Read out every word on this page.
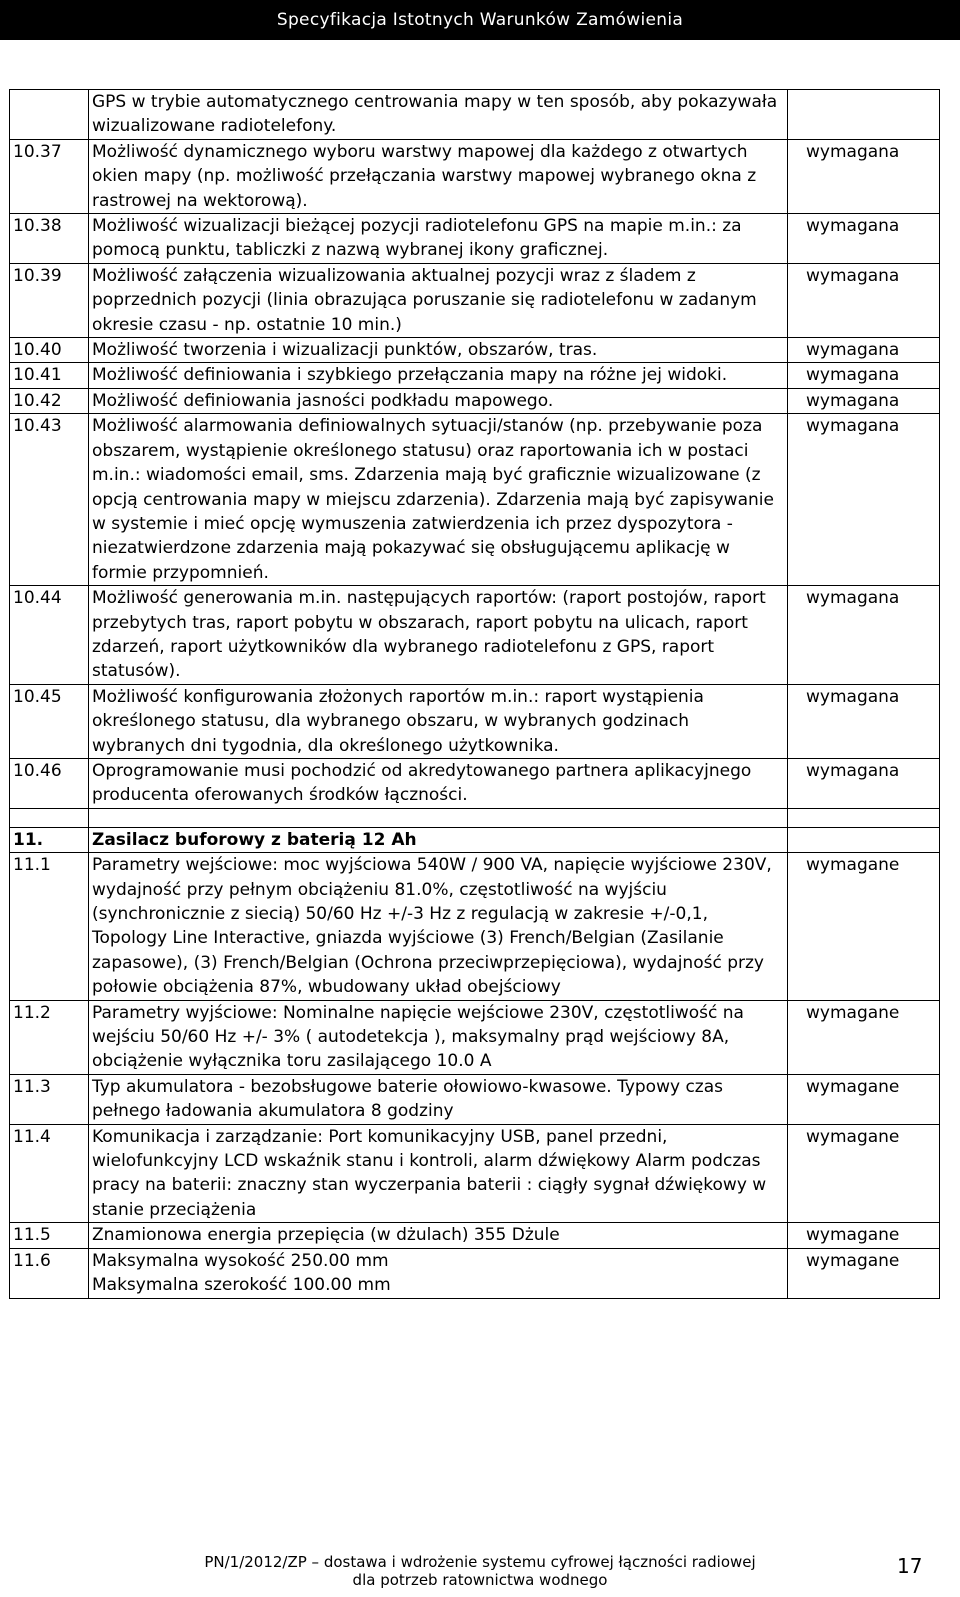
Specyfikacja Istotnych Warunków Zamówienia
	GPS w trybie automatycznego centrowania mapy w ten sposób, aby pokazywała wizualizowane radiotelefony.	
10.37	Możliwość dynamicznego wyboru warstwy mapowej dla każdego z otwartych okien mapy (np. możliwość przełączania warstwy mapowej wybranego okna z rastrowej na wektorową).	wymagana
10.38	Możliwość wizualizacji bieżącej pozycji radiotelefonu GPS na mapie m.in.: za pomocą punktu, tabliczki z nazwą wybranej ikony graficznej.	wymagana
10.39	Możliwość załączenia wizualizowania aktualnej pozycji wraz z śladem z poprzednich pozycji (linia obrazująca poruszanie się radiotelefonu w zadanym okresie czasu - np. ostatnie 10 min.)	wymagana
10.40	Możliwość tworzenia i wizualizacji punktów, obszarów, tras.	wymagana
10.41	Możliwość definiowania i szybkiego przełączania mapy na różne jej widoki.	wymagana
10.42	Możliwość definiowania jasności podkładu mapowego.	wymagana
10.43	Możliwość alarmowania definiowalnych sytuacji/stanów (np. przebywanie poza obszarem, wystąpienie określonego statusu) oraz raportowania ich w postaci m.in.: wiadomości email, sms. Zdarzenia mają być graficznie wizualizowane (z opcją centrowania mapy w miejscu zdarzenia). Zdarzenia mają być zapisywanie w systemie i mieć opcję wymuszenia zatwierdzenia ich przez dyspozytora - niezatwierdzone zdarzenia mają pokazywać się obsługującemu aplikację w formie przypomnień.	wymagana
10.44	Możliwość generowania m.in. następujących raportów: (raport postojów, raport przebytych tras, raport pobytu w obszarach, raport pobytu na ulicach, raport zdarzeń, raport użytkowników dla wybranego radiotelefonu z GPS, raport statusów).	wymagana
10.45	Możliwość konfigurowania złożonych raportów m.in.: raport wystąpienia określonego statusu, dla wybranego obszaru, w wybranych godzinach wybranych dni tygodnia, dla określonego użytkownika.	wymagana
10.46	Oprogramowanie musi pochodzić od akredytowanego partnera aplikacyjnego producenta oferowanych środków łączności.	wymagana

11.	Zasilacz buforowy z baterią 12 Ah	
11.1	Parametry wejściowe: moc wyjściowa 540W / 900 VA, napięcie wyjściowe 230V, wydajność przy pełnym obciążeniu 81.0%, częstotliwość na wyjściu (synchronicznie z siecią) 50/60 Hz +/-3 Hz z regulacją w zakresie +/-0,1, Topology Line Interactive, gniazda wyjściowe (3) French/Belgian (Zasilanie zapasowe), (3) French/Belgian (Ochrona przeciwprzepięciowa), wydajność przy połowie obciążenia 87%, wbudowany układ obejściowy	wymagane
11.2	Parametry wyjściowe: Nominalne napięcie wejściowe 230V, częstotliwość na wejściu 50/60 Hz +/- 3% ( autodetekcja ), maksymalny prąd wejściowy 8A, obciążenie wyłącznika toru zasilającego 10.0 A	wymagane
11.3	Typ akumulatora - bezobsługowe baterie ołowiowo-kwasowe. Typowy czas pełnego ładowania akumulatora 8 godziny	wymagane
11.4	Komunikacja i zarządzanie: Port komunikacyjny USB, panel przedni, wielofunkcyjny LCD wskaźnik stanu i kontroli, alarm dźwiękowy Alarm podczas pracy na baterii: znaczny stan wyczerpania baterii : ciągły sygnał dźwiękowy w stanie przeciążenia	wymagane
11.5	Znamionowa energia przepięcia (w dżulach) 355 Dżule	wymagane
11.6	Maksymalna wysokość 250.00 mm
Maksymalna szerokość 100.00 mm	wymagane
PN/1/2012/ZP – dostawa i wdrożenie systemu cyfrowej łączności radiowej
dla potrzeb ratownictwa wodnego
17
